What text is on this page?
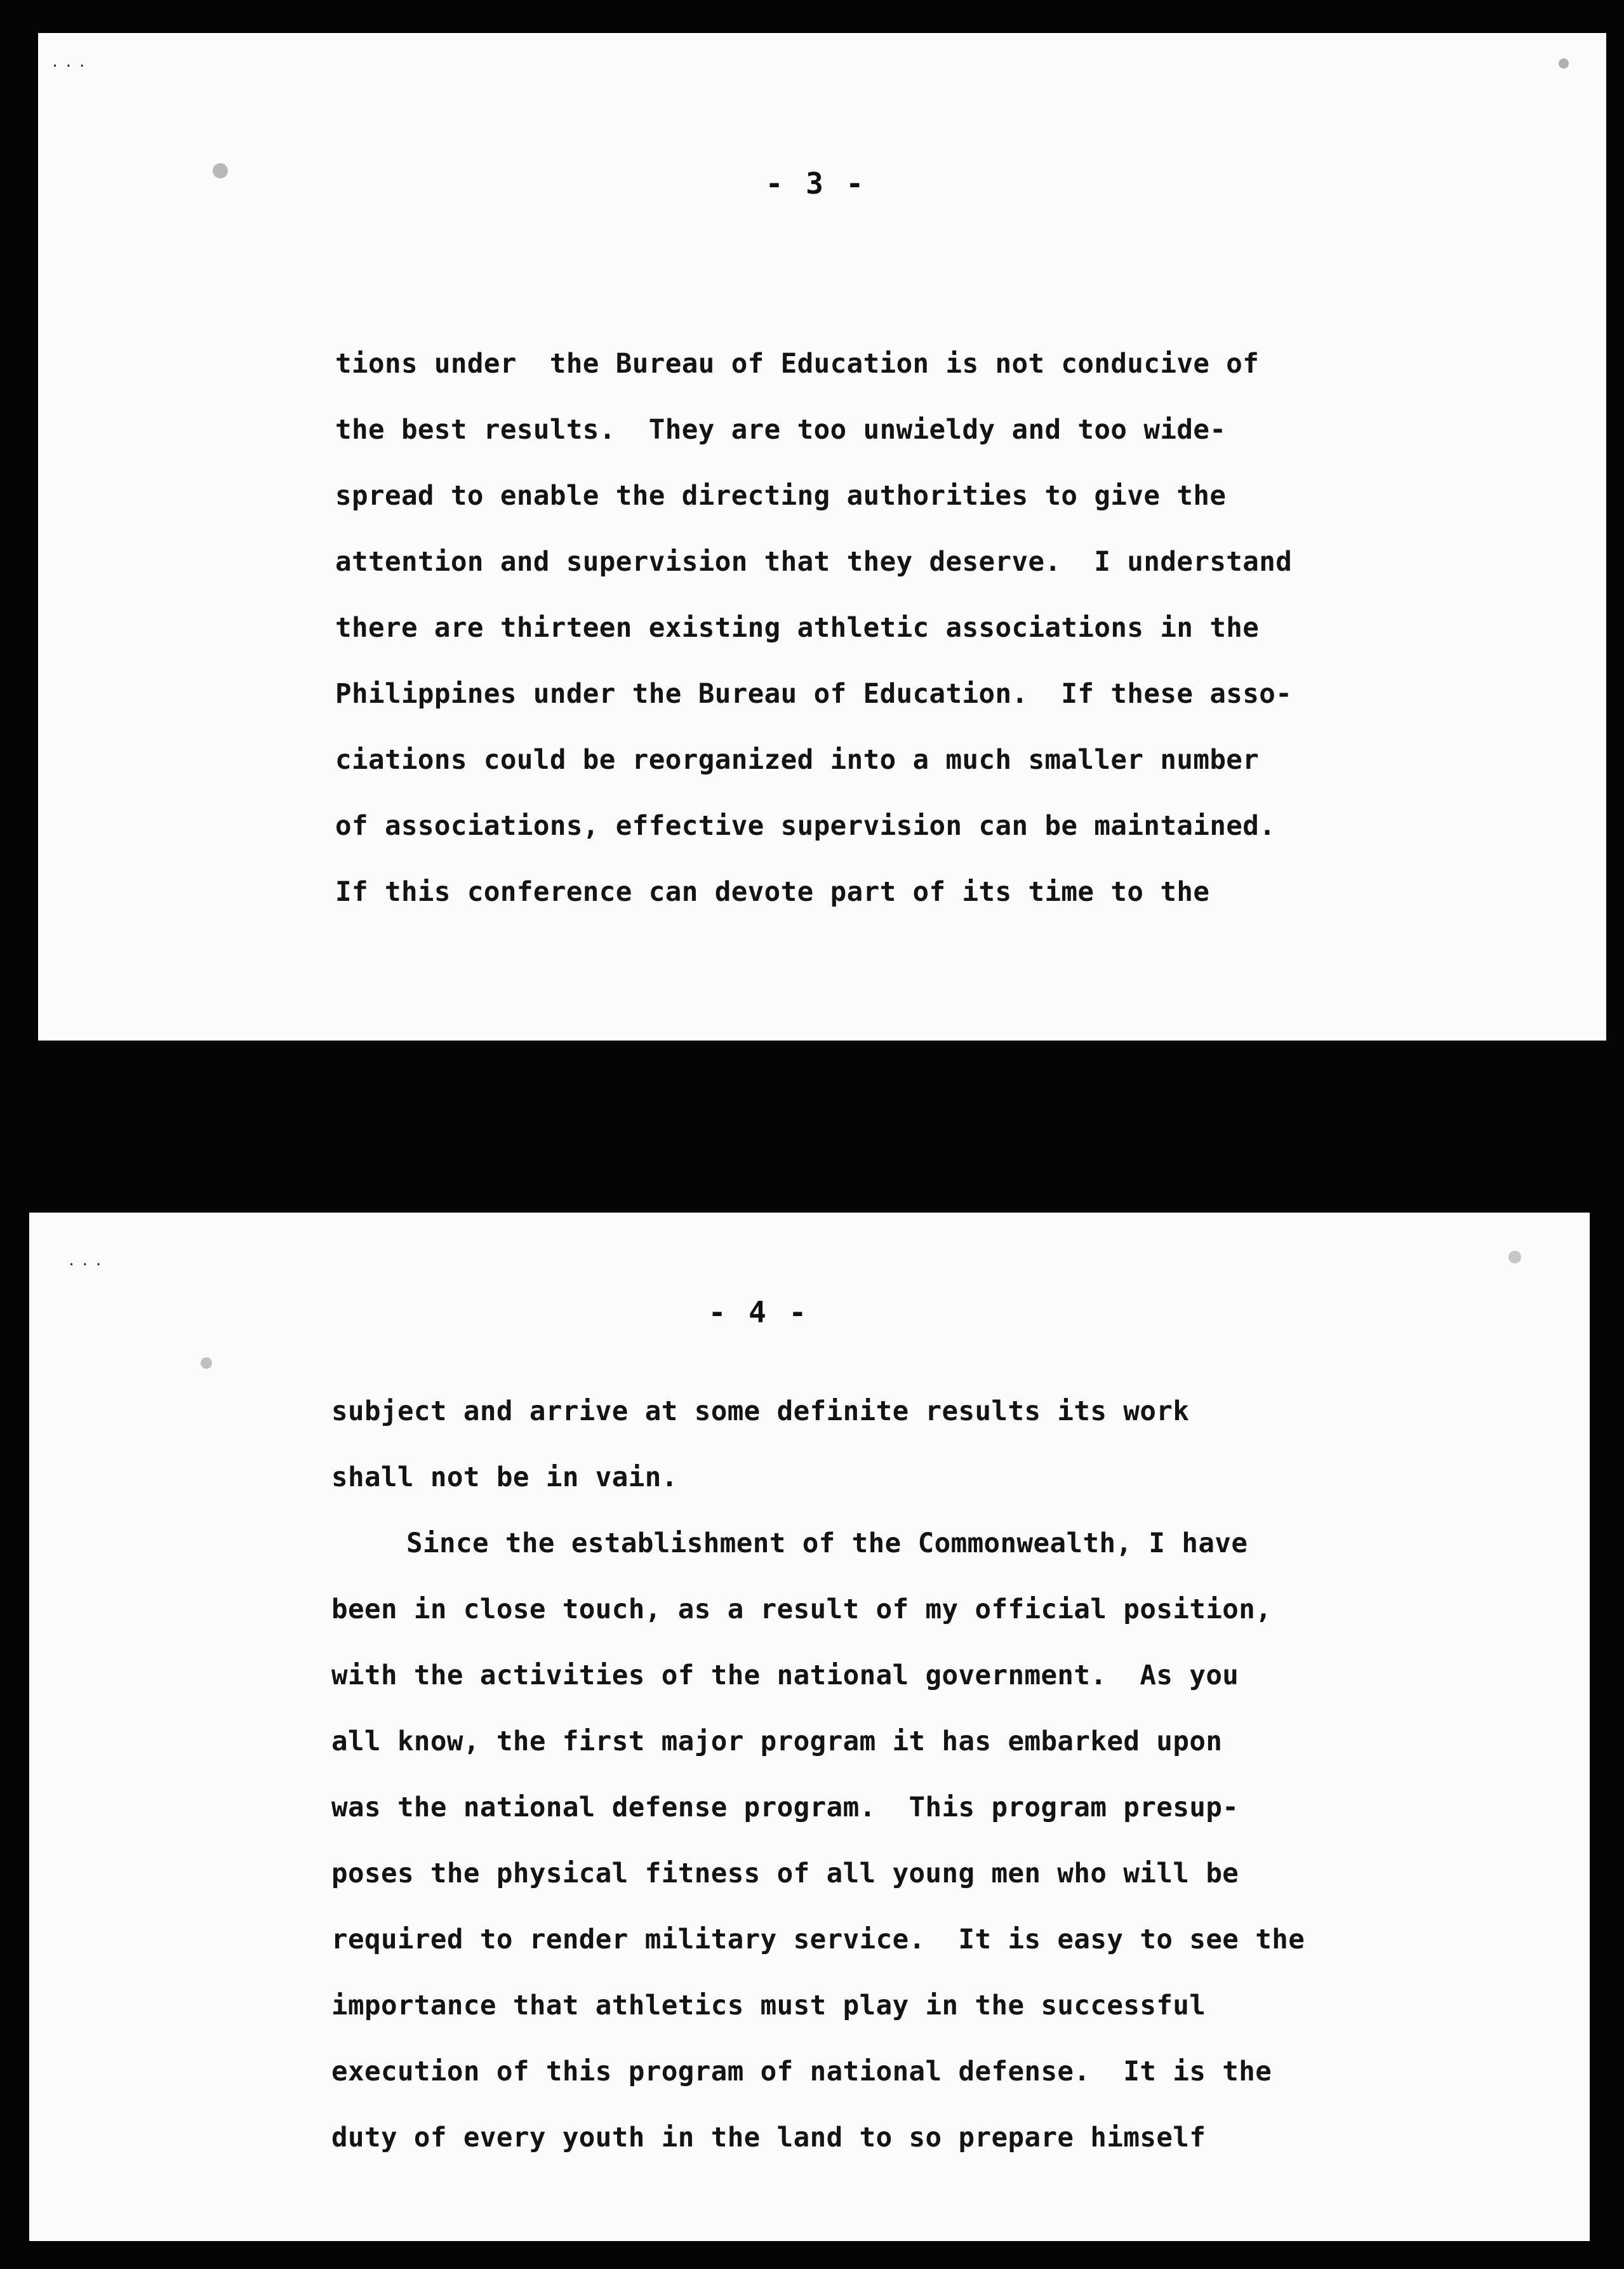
···
- 3 -
tions under  the Bureau of Education is not conducive of
the best results.  They are too unwieldy and too wide-
spread to enable the directing authorities to give the
attention and supervision that they deserve.  I understand
there are thirteen existing athletic associations in the
Philippines under the Bureau of Education.  If these asso-
ciations could be reorganized into a much smaller number
of associations, effective supervision can be maintained.
If this conference can devote part of its time to the
···
- 4 -
subject and arrive at some definite results its work
shall not be in vain.
Since the establishment of the Commonwealth, I have
been in close touch, as a result of my official position,
with the activities of the national government.  As you
all know, the first major program it has embarked upon
was the national defense program.  This program presup-
poses the physical fitness of all young men who will be
required to render military service.  It is easy to see the
importance that athletics must play in the successful
execution of this program of national defense.  It is the
duty of every youth in the land to so prepare himself
